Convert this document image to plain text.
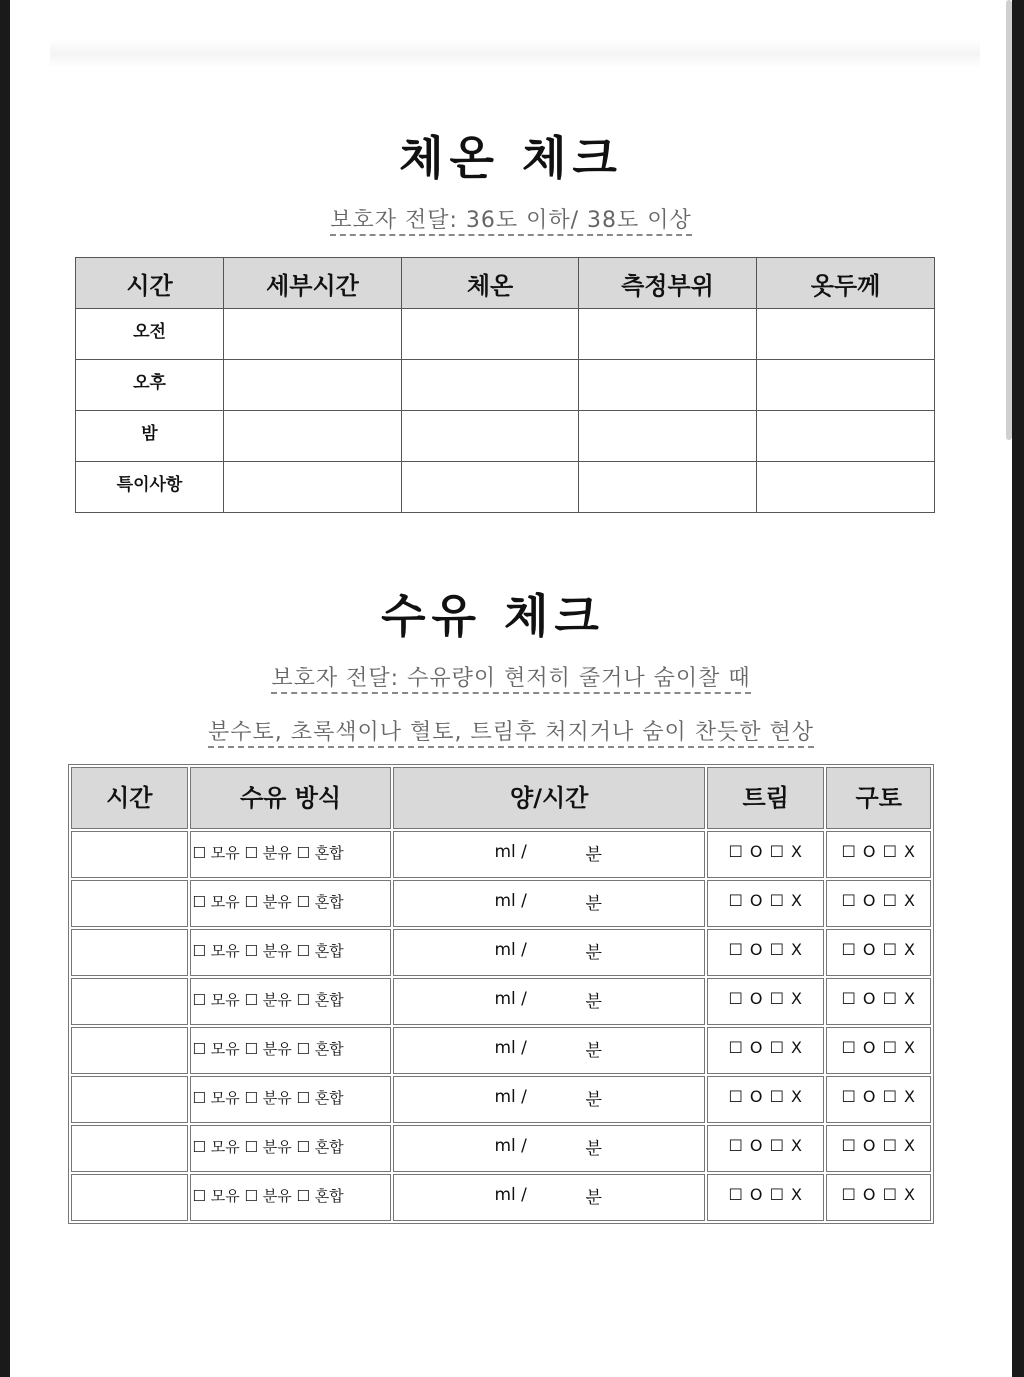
체온 체크

보호자 전달: 36도 이하/ 38도 이상

시간	세부시간	체온	측정부위	옷두께
오전				
오후				
밤				
특이사항				
수유 체크

보호자 전달: 수유량이 현저히 줄거나 숨이찰 때

분수토, 초록색이나 혈토, 트림후 처지거나 숨이 찬듯한 현상

시간	수유 방식	양/시간	트림	구토
	☐ 모유 ☐ 분유 ☐ 혼합	ml / 분	☐ O ☐ X	☐ O ☐ X
	☐ 모유 ☐ 분유 ☐ 혼합	ml / 분	☐ O ☐ X	☐ O ☐ X
	☐ 모유 ☐ 분유 ☐ 혼합	ml / 분	☐ O ☐ X	☐ O ☐ X
	☐ 모유 ☐ 분유 ☐ 혼합	ml / 분	☐ O ☐ X	☐ O ☐ X
	☐ 모유 ☐ 분유 ☐ 혼합	ml / 분	☐ O ☐ X	☐ O ☐ X
	☐ 모유 ☐ 분유 ☐ 혼합	ml / 분	☐ O ☐ X	☐ O ☐ X
	☐ 모유 ☐ 분유 ☐ 혼합	ml / 분	☐ O ☐ X	☐ O ☐ X
	☐ 모유 ☐ 분유 ☐ 혼합	ml / 분	☐ O ☐ X	☐ O ☐ X
